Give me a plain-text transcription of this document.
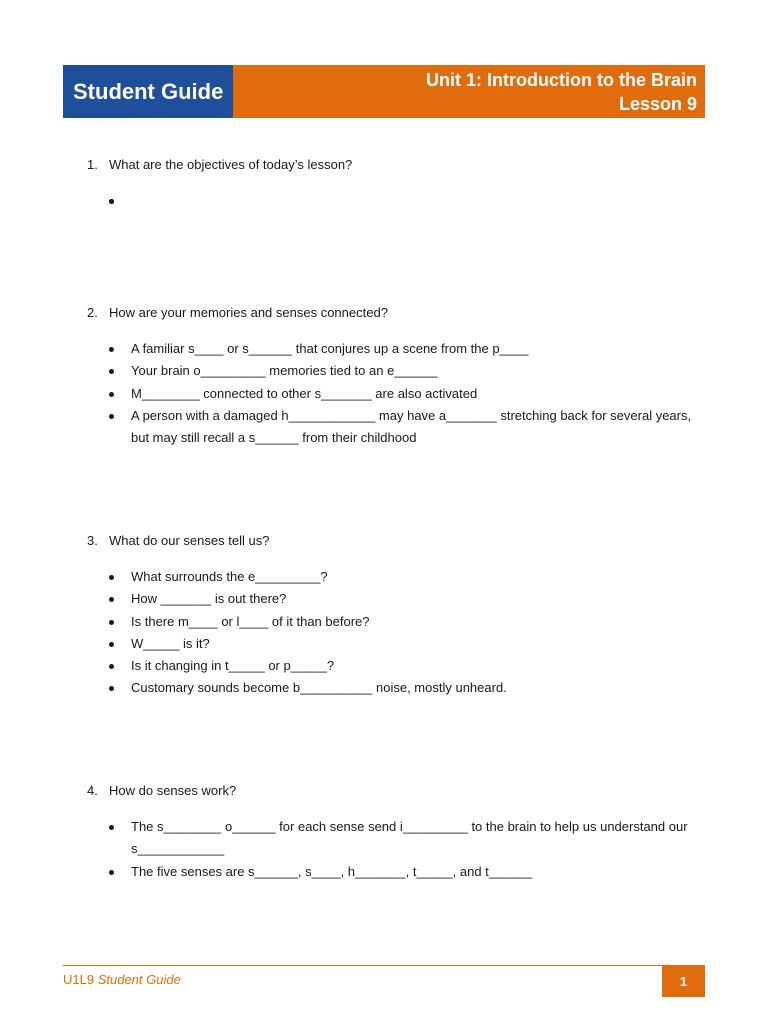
Student Guide	Unit 1: Introduction to the Brain
Lesson 9
1. What are the objectives of today’s lesson?
2. How are your memories and senses connected?
A familiar s____ or s______ that conjures up a scene from the p____
Your brain o_________ memories tied to an e______
M________ connected to other s_______ are also activated
A person with a damaged h____________ may have a_______ stretching back for several years, but may still recall a s______ from their childhood
3. What do our senses tell us?
What surrounds the e_________?
How _______ is out there?
Is there m____ or l____ of it than before?
W_____ is it?
Is it changing in t_____ or p_____?
Customary sounds become b__________ noise, mostly unheard.
4. How do senses work?
The s________ o______ for each sense send i_________ to the brain to help us understand our s____________
The five senses are s______, s____, h_______, t_____, and t______
U1L9 Student Guide	1
